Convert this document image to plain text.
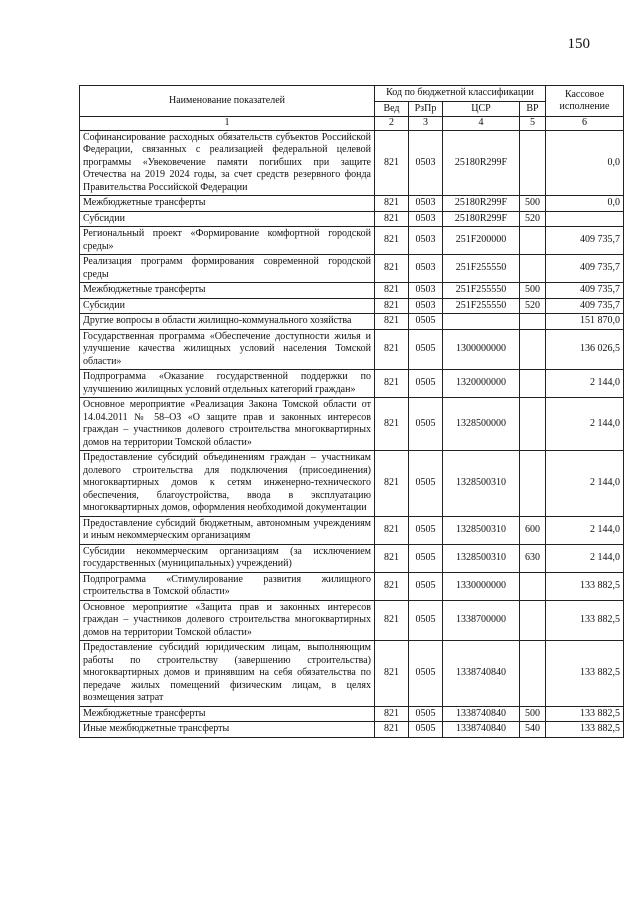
150
Наименование показателей	Код по бюджетной классификации				Кассовое исполнение
	Вед	РзПр	ЦСР	ВР	
1	2	3	4	5	6
Софинансирование расходных обязательств субъектов Российской Федерации, связанных с реализацией федеральной целевой программы «Увековечение памяти погибших при защите Отечества на 2019 2024 годы, за счет средств резервного фонда Правительства Российской Федерации	821	0503	25180R299F		0,0
Межбюджетные трансферты	821	0503	25180R299F	500	0,0
Субсидии	821	0503	25180R299F	520	
Региональный проект «Формирование комфортной городской среды»	821	0503	251F200000		409 735,7
Реализация программ формирования современной городской среды	821	0503	251F255550		409 735,7
Межбюджетные трансферты	821	0503	251F255550	500	409 735,7
Субсидии	821	0503	251F255550	520	409 735,7
Другие вопросы в области жилищно-коммунального хозяйства	821	0505			151 870,0
Государственная программа «Обеспечение доступности жилья и улучшение качества жилищных условий населения Томской области»	821	0505	1300000000		136 026,5
Подпрограмма «Оказание государственной поддержки по улучшению жилищных условий отдельных категорий граждан»	821	0505	1320000000		2 144,0
Основное мероприятие «Реализация Закона Томской области от 14.04.2011 № 58–ОЗ «О защите прав и законных интересов граждан – участников долевого строительства многоквартирных домов на территории Томской области»	821	0505	1328500000		2 144,0
Предоставление субсидий объединениям граждан – участникам долевого строительства для подключения (присоединения) многоквартирных домов к сетям инженерно-технического обеспечения, благоустройства, ввода в эксплуатацию многоквартирных домов, оформления необходимой документации	821	0505	1328500310		2 144,0
Предоставление субсидий бюджетным, автономным учреждениям и иным некоммерческим организациям	821	0505	1328500310	600	2 144,0
Субсидии некоммерческим организациям (за исключением государственных (муниципальных) учреждений)	821	0505	1328500310	630	2 144,0
Подпрограмма «Стимулирование развития жилищного строительства в Томской области»	821	0505	1330000000		133 882,5
Основное мероприятие «Защита прав и законных интересов граждан – участников долевого строительства многоквартирных домов на территории Томской области»	821	0505	1338700000		133 882,5
Предоставление субсидий юридическим лицам, выполняющим работы по строительству (завершению строительства) многоквартирных домов и принявшим на себя обязательства по передаче жилых помещений физическим лицам, в целях возмещения затрат	821	0505	1338740840		133 882,5
Межбюджетные трансферты	821	0505	1338740840	500	133 882,5
Иные межбюджетные трансферты	821	0505	1338740840	540	133 882,5
